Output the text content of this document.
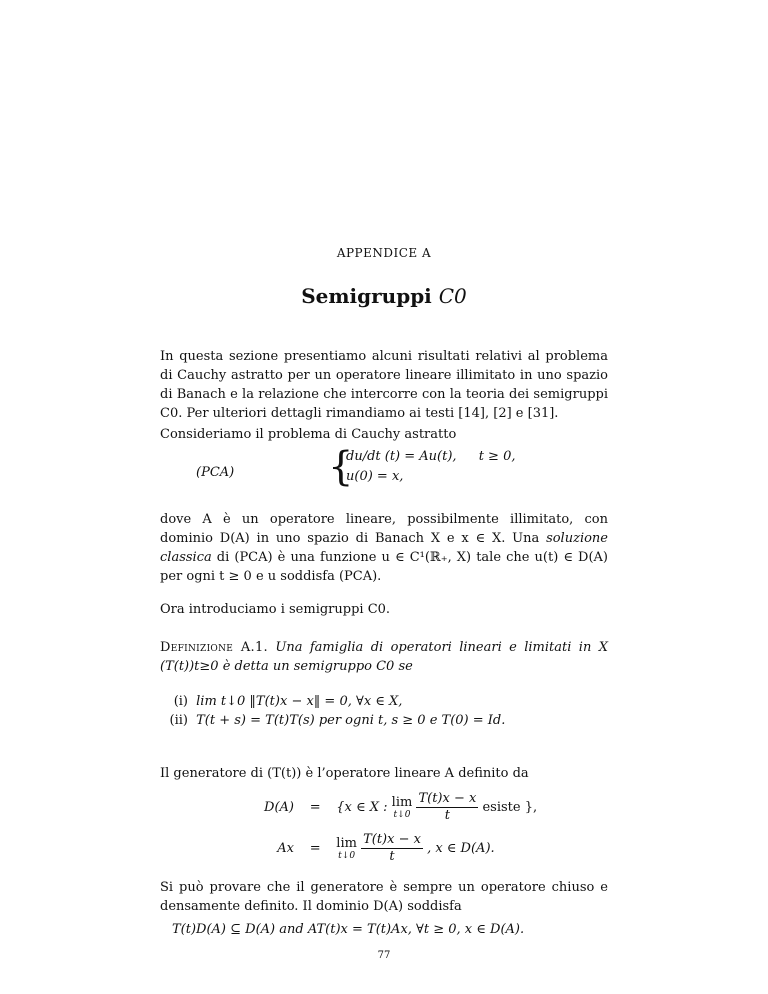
APPENDICE A
Semigruppi C0
In questa sezione presentiamo alcuni risultati relativi al problema di Cauchy astratto per un operatore lineare illimitato in uno spazio di Banach e la relazione che intercorre con la teoria dei semigruppi C0. Per ulteriori dettagli rimandiamo ai testi [14], [2] e [31].
Consideriamo il problema di Cauchy astratto
(PCA) {
du/dt (t) = Au(t), t ≥ 0,
u(0) = x,
dove A è un operatore lineare, possibilmente illimitato, con dominio D(A) in uno spazio di Banach X e x ∈ X. Una soluzione classica di (PCA) è una funzione u ∈ C¹(ℝ₊, X) tale che u(t) ∈ D(A) per ogni t ≥ 0 e u soddisfa (PCA).
Ora introduciamo i semigruppi C0.
Definizione A.1. Una famiglia di operatori lineari e limitati in X (T(t))t≥0 è detta un semigruppo C0 se
(i) lim t↓0 ‖T(t)x − x‖ = 0, ∀x ∈ X,
(ii) T(t + s) = T(t)T(s) per ogni t, s ≥ 0 e T(0) = Id.
Il generatore di (T(t)) è l’operatore lineare A definito da
D(A) = {x ∈ X : lim
t↓0
$\frac{T(t)x - x}{t}$ esiste },
Ax = lim
t↓0
$\frac{T(t)x - x}{t}$ , x ∈ D(A).
Si può provare che il generatore è sempre un operatore chiuso e densamente definito. Il dominio D(A) soddisfa
T(t)D(A) ⊆ D(A) and AT(t)x = T(t)Ax, ∀t ≥ 0, x ∈ D(A).
77
